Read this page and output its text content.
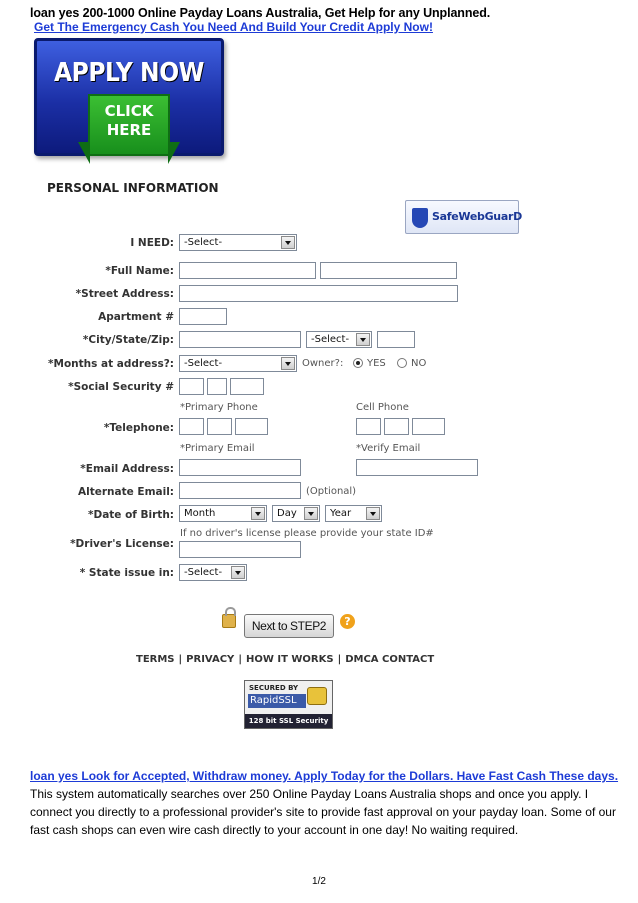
loan yes 200-1000 Online Payday Loans Australia, Get Help for any Unplanned.
Get The Emergency Cash You Need And Build Your Credit Apply Now!
APPLY NOW
CLICK
HERE
PERSONAL INFORMATION
SafeWebGuarD
I NEED:	-Select-
*Full Name:
*Street Address:
Apartment #
*City/State/Zip:	-Select-
*Months at address?:	-Select-	Owner?: YES	NO
*Social Security #
*Primary Phone	Cell Phone
*Telephone:
*Primary Email	*Verify Email
*Email Address:
Alternate Email:	(Optional)
*Date of Birth:	Month	Day	Year
If no driver's license please provide your state ID#
*Driver's License:
* State issue in:	-Select-
Next to STEP2	?
TERMS | PRIVACY | HOW IT WORKS | DMCA CONTACT
SECURED BY
RapidSSL
128 bit SSL Security
loan yes Look for Accepted, Withdraw money. Apply Today for the Dollars. Have Fast Cash These days. This system automatically searches over 250 Online Payday Loans Australia shops and once you apply. I connect you directly to a professional provider's site to provide fast approval on your payday loan. Some of our fast cash shops can even wire cash directly to your account in one day! No waiting required.
1/2
